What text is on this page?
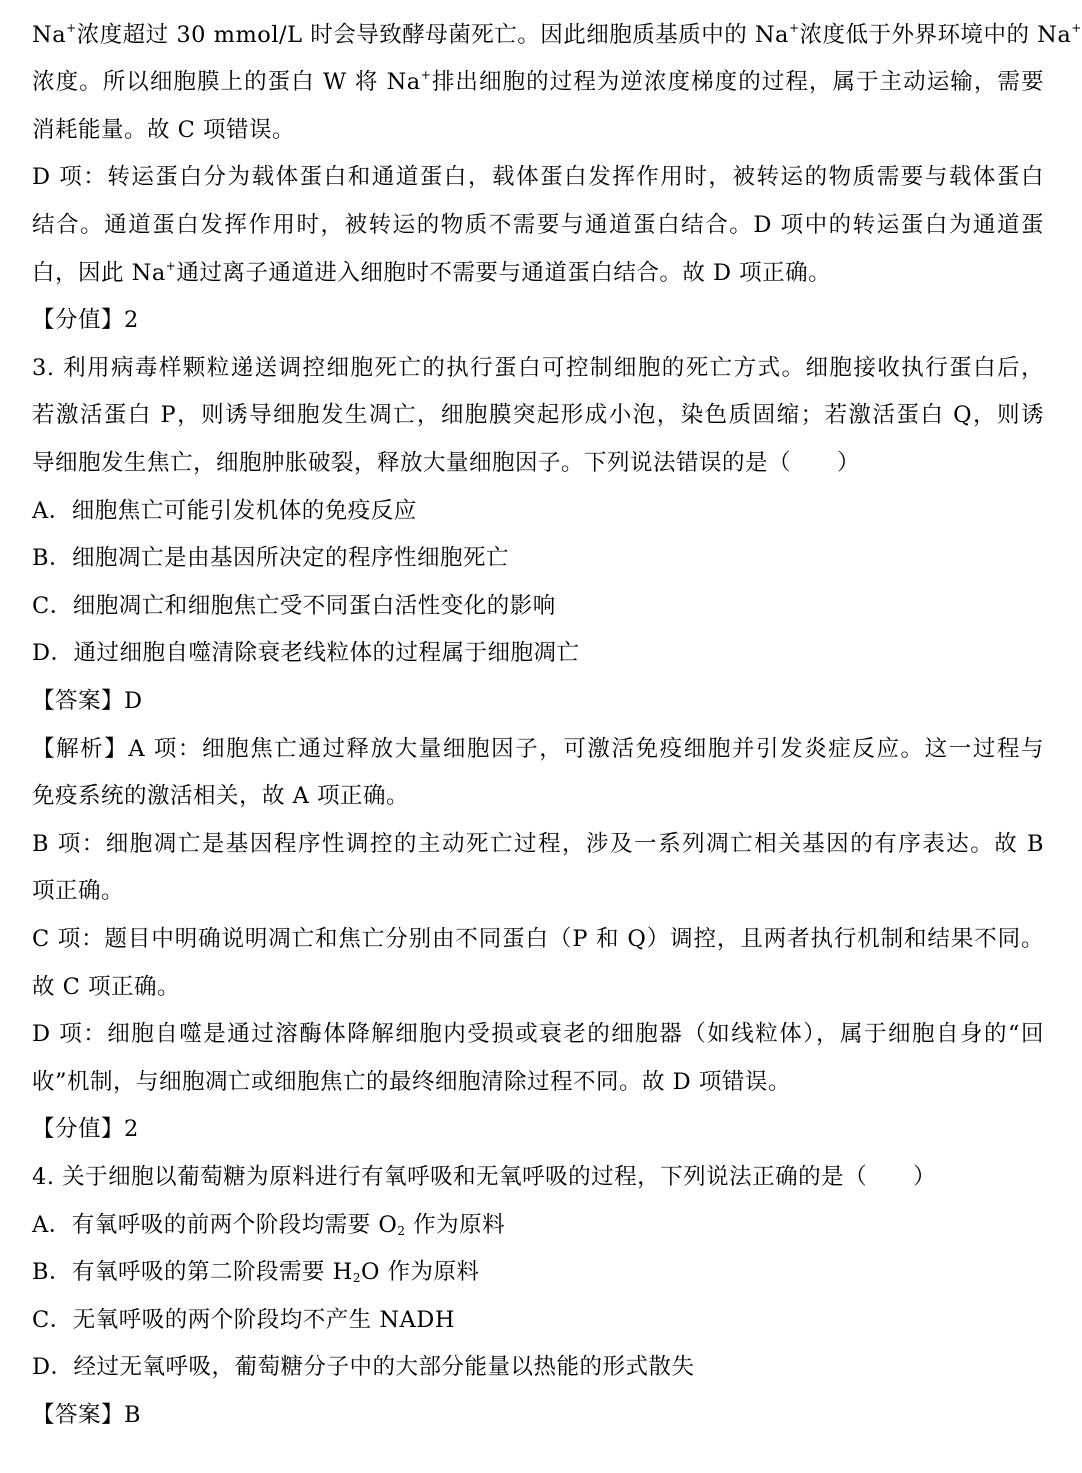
Na+浓度超过 30 mmol/L 时会导致酵母菌死亡。因此细胞质基质中的 Na+浓度低于外界环境中的 Na+
浓度。所以细胞膜上的蛋白 W 将 Na+排出细胞的过程为逆浓度梯度的过程，属于主动运输，需要
消耗能量。故 C 项错误。
D 项：转运蛋白分为载体蛋白和通道蛋白，载体蛋白发挥作用时，被转运的物质需要与载体蛋白
结合。通道蛋白发挥作用时，被转运的物质不需要与通道蛋白结合。D 项中的转运蛋白为通道蛋
白，因此 Na+通过离子通道进入细胞时不需要与通道蛋白结合。故 D 项正确。
【分值】2
3. 利用病毒样颗粒递送调控细胞死亡的执行蛋白可控制细胞的死亡方式。细胞接收执行蛋白后，
若激活蛋白 P，则诱导细胞发生凋亡，细胞膜突起形成小泡，染色质固缩；若激活蛋白 Q，则诱
导细胞发生焦亡，细胞肿胀破裂，释放大量细胞因子。下列说法错误的是（　　）
A．细胞焦亡可能引发机体的免疫反应
B．细胞凋亡是由基因所决定的程序性细胞死亡
C．细胞凋亡和细胞焦亡受不同蛋白活性变化的影响
D．通过细胞自噬清除衰老线粒体的过程属于细胞凋亡
【答案】D
【解析】A 项：细胞焦亡通过释放大量细胞因子，可激活免疫细胞并引发炎症反应。这一过程与
免疫系统的激活相关，故 A 项正确。
B 项：细胞凋亡是基因程序性调控的主动死亡过程，涉及一系列凋亡相关基因的有序表达。故 B
项正确。
C 项：题目中明确说明凋亡和焦亡分别由不同蛋白（P 和 Q）调控，且两者执行机制和结果不同。
故 C 项正确。
D 项：细胞自噬是通过溶酶体降解细胞内受损或衰老的细胞器（如线粒体），属于细胞自身的“回
收”机制，与细胞凋亡或细胞焦亡的最终细胞清除过程不同。故 D 项错误。
【分值】2
4. 关于细胞以葡萄糖为原料进行有氧呼吸和无氧呼吸的过程，下列说法正确的是（　　）
A．有氧呼吸的前两个阶段均需要 $O_2$ 作为原料
B．有氧呼吸的第二阶段需要 $H_2O$ 作为原料
C．无氧呼吸的两个阶段均不产生 NADH
D．经过无氧呼吸，葡萄糖分子中的大部分能量以热能的形式散失
【答案】B
